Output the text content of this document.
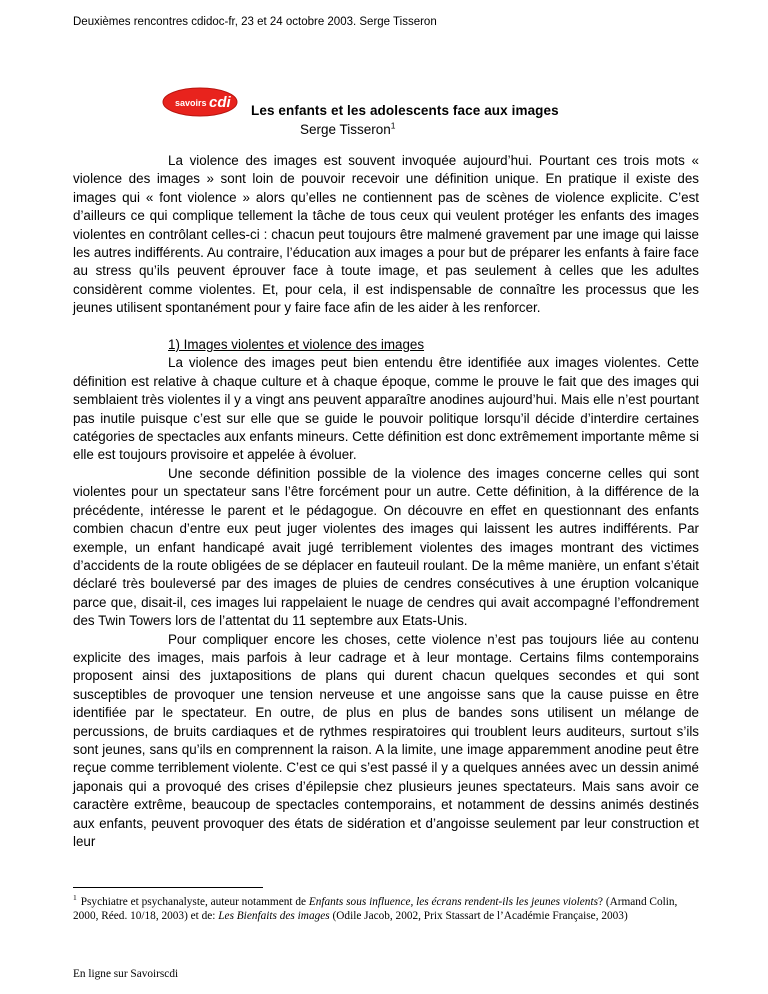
Deuxièmes rencontres cdidoc-fr, 23 et 24 octobre 2003. Serge Tisseron
savoirs cdi Les enfants et les adolescents face aux images
Serge Tisseron$^1$

La violence des images est souvent invoquée aujourd’hui. Pourtant ces trois mots « violence des images » sont loin de pouvoir recevoir une définition unique. En pratique il existe des images qui « font violence » alors qu’elles ne contiennent pas de scènes de violence explicite. C’est d’ailleurs ce qui complique tellement la tâche de tous ceux qui veulent protéger les enfants des images violentes en contrôlant celles-ci : chacun peut toujours être malmené gravement par une image qui laisse les autres indifférents. Au contraire, l’éducation aux images a pour but de préparer les enfants à faire face au stress qu’ils peuvent éprouver face à toute image, et pas seulement à celles que les adultes considèrent comme violentes. Et, pour cela, il est indispensable de connaître les processus que les jeunes utilisent spontanément pour y faire face afin de les aider à les renforcer.

1) Images violentes et violence des images

La violence des images peut bien entendu être identifiée aux images violentes. Cette définition est relative à chaque culture et à chaque époque, comme le prouve le fait que des images qui semblaient très violentes il y a vingt ans peuvent apparaître anodines aujourd’hui. Mais elle n’est pourtant pas inutile puisque c’est sur elle que se guide le pouvoir politique lorsqu’il décide d’interdire certaines catégories de spectacles aux enfants mineurs. Cette définition est donc extrêmement importante même si elle est toujours provisoire et appelée à évoluer.

Une seconde définition possible de la violence des images concerne celles qui sont violentes pour un spectateur sans l’être forcément pour un autre. Cette définition, à la différence de la précédente, intéresse le parent et le pédagogue. On découvre en effet en questionnant des enfants combien chacun d’entre eux peut juger violentes des images qui laissent les autres indifférents. Par exemple, un enfant handicapé avait jugé terriblement violentes des images montrant des victimes d’accidents de la route obligées de se déplacer en fauteuil roulant. De la même manière, un enfant s’était déclaré très bouleversé par des images de pluies de cendres consécutives à une éruption volcanique parce que, disait-il, ces images lui rappelaient le nuage de cendres qui avait accompagné l’effondrement des Twin Towers lors de l’attentat du 11 septembre aux Etats-Unis.

Pour compliquer encore les choses, cette violence n’est pas toujours liée au contenu explicite des images, mais parfois à leur cadrage et à leur montage. Certains films contemporains proposent ainsi des juxtapositions de plans qui durent chacun quelques secondes et qui sont susceptibles de provoquer une tension nerveuse et une angoisse sans que la cause puisse en être identifiée par le spectateur. En outre, de plus en plus de bandes sons utilisent un mélange de percussions, de bruits cardiaques et de rythmes respiratoires qui troublent leurs auditeurs, surtout s’ils sont jeunes, sans qu’ils en comprennent la raison. A la limite, une image apparemment anodine peut être reçue comme terriblement violente. C’est ce qui s’est passé il y a quelques années avec un dessin animé japonais qui a provoqué des crises d’épilepsie chez plusieurs jeunes spectateurs. Mais sans avoir ce caractère extrême, beaucoup de spectacles contemporains, et notamment de dessins animés destinés aux enfants, peuvent provoquer des états de sidération et d’angoisse seulement par leur construction et leur

$^1$ Psychiatre et psychanalyste, auteur notamment de Enfants sous influence, les écrans rendent-ils les jeunes violents? (Armand Colin, 2000, Réed. 10/18, 2003) et de: Les Bienfaits des images (Odile Jacob, 2002, Prix Stassart de l’Académie Française, 2003)
En ligne sur Savoirscdi
